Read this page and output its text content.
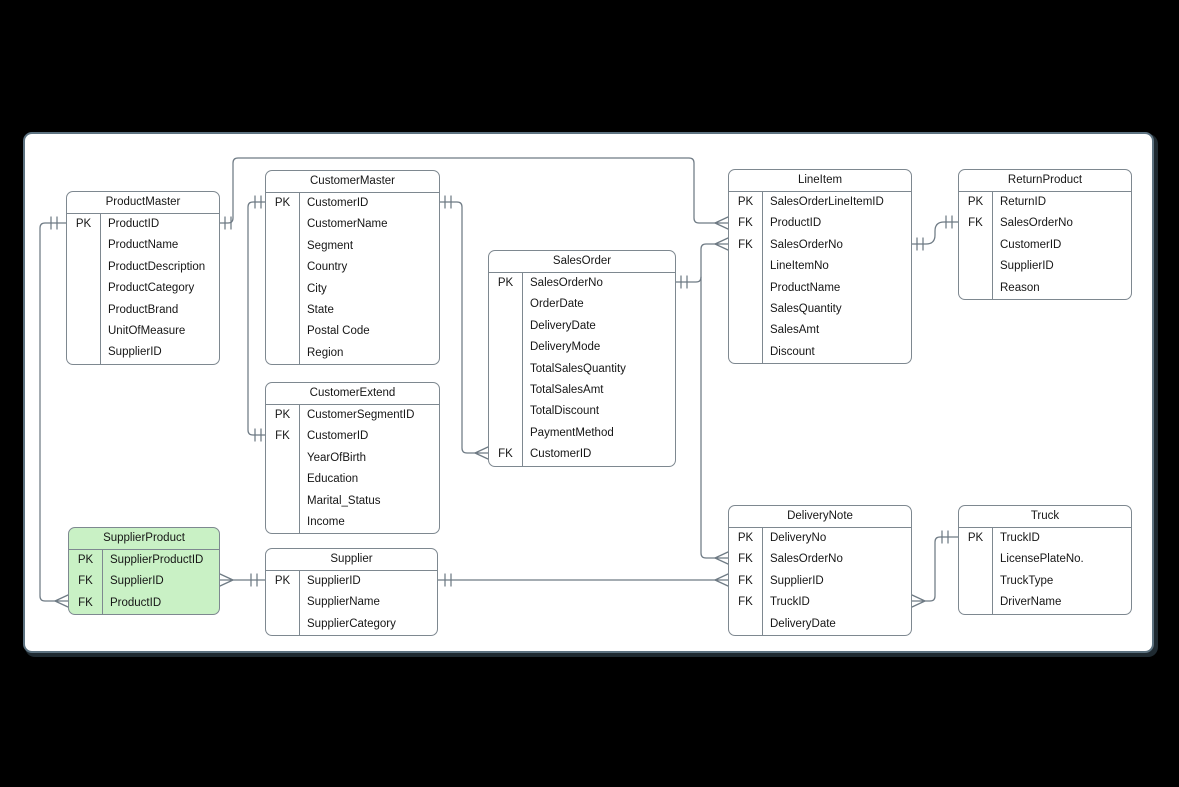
ProductMaster
PK	ProductID
ProductName
ProductDescription
ProductCategory
ProductBrand
UnitOfMeasure
SupplierID
CustomerMaster
PK	CustomerID
CustomerName
Segment
Country
City
State
Postal Code
Region
CustomerExtend
PK	CustomerSegmentID
FK	CustomerID
YearOfBirth
Education
Marital_Status
Income
SupplierProduct
PK	SupplierProductID
FK	SupplierID
FK	ProductID
Supplier
PK	SupplierID
SupplierName
SupplierCategory
SalesOrder
PK	SalesOrderNo
OrderDate
DeliveryDate
DeliveryMode
TotalSalesQuantity
TotalSalesAmt
TotalDiscount
PaymentMethod
FK	CustomerID
LineItem
PK	SalesOrderLineItemID
FK	ProductID
FK	SalesOrderNo
LineItemNo
ProductName
SalesQuantity
SalesAmt
Discount
ReturnProduct
PK	ReturnID
FK	SalesOrderNo
CustomerID
SupplierID
Reason
DeliveryNote
PK	DeliveryNo
FK	SalesOrderNo
FK	SupplierID
FK	TruckID
DeliveryDate
Truck
PK	TruckID
LicensePlateNo.
TruckType
DriverName
